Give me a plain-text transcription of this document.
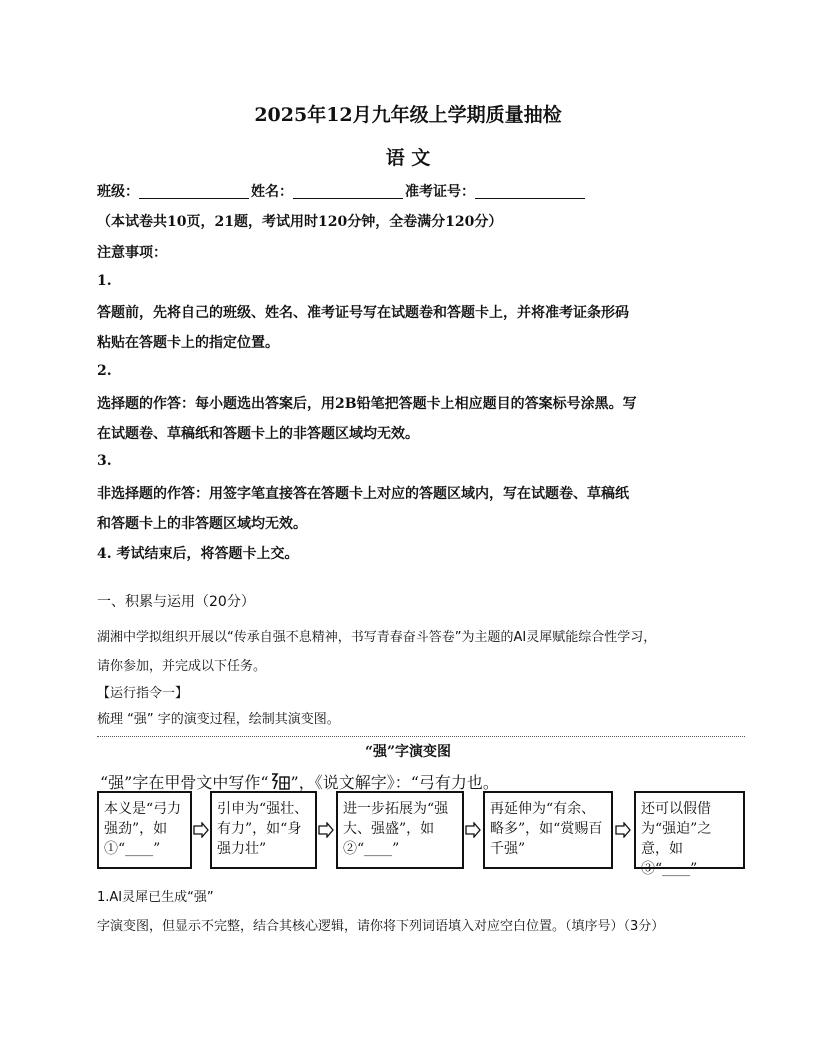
2025年12月九年级上学期质量抽检
语 文
班级：	姓名：	准考证号：
（本试卷共10页，21题，考试用时120分钟，全卷满分120分）
注意事项：
1.
答题前，先将自己的班级、姓名、准考证号写在试题卷和答题卡上，并将准考证条形码
粘贴在答题卡上的指定位置。
2.
选择题的作答：每小题选出答案后，用2B铅笔把答题卡上相应题目的答案标号涂黑。写
在试题卷、草稿纸和答题卡上的非答题区域均无效。
3.
非选择题的作答：用签字笔直接答在答题卡上对应的答题区域内，写在试题卷、草稿纸
和答题卡上的非答题区域均无效。
4. 考试结束后，将答题卡上交。
一、积累与运用（20分）
湖湘中学拟组织开展以“传承自强不息精神，书写青春奋斗答卷”为主题的AI灵犀赋能综合性学习，
请你参加，并完成以下任务。
【运行指令一】
梳理 “强” 字的演变过程，绘制其演变图。
“强”字演变图
“强”字在甲骨文中写作“ ”，《说文解字》：“弓有力也。
本义是“弓力强劲”，如①“____”
引申为“强壮、有力”，如“身强力壮”
进一步拓展为“强大、强盛”，如②“____”
再延伸为“有余、略多”，如“赏赐百千强”
还可以假借为“强迫”之意，如③“____”
1.AI灵犀已生成“强”
字演变图，但显示不完整，结合其核心逻辑，请你将下列词语填入对应空白位置。（填序号）（3分）
